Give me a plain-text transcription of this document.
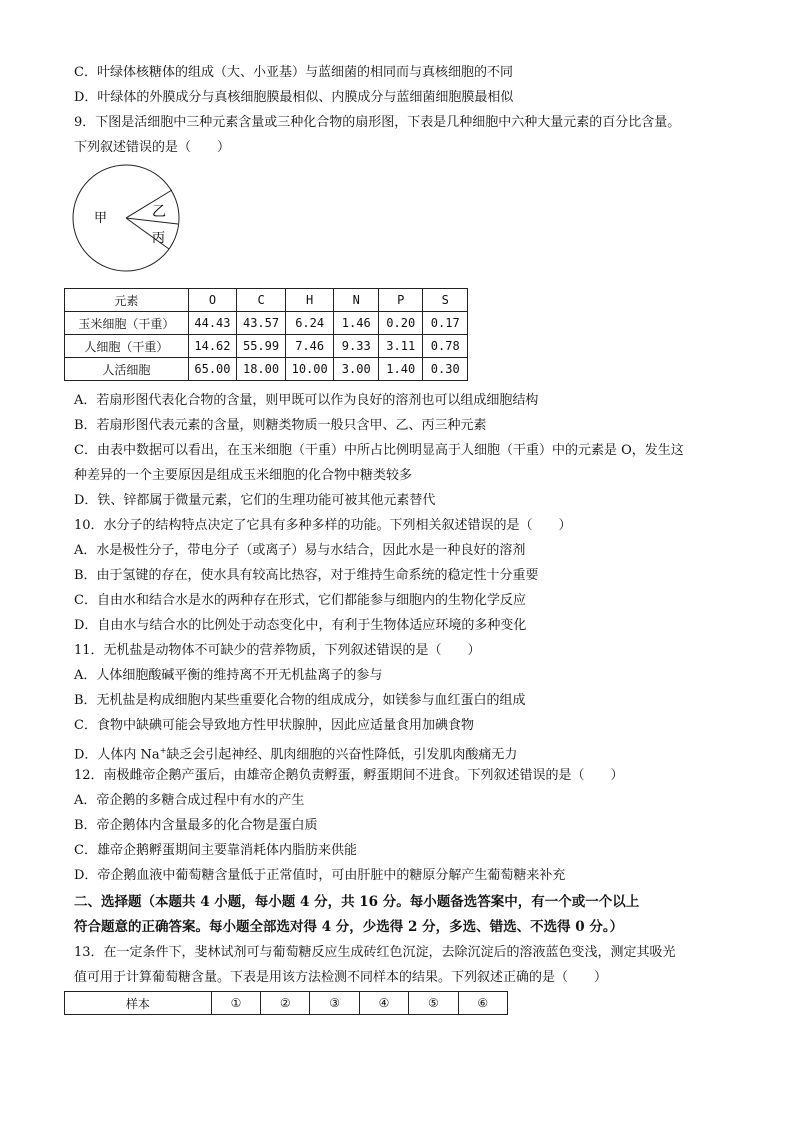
C．叶绿体核糖体的组成（大、小亚基）与蓝细菌的相同而与真核细胞的不同
D．叶绿体的外膜成分与真核细胞膜最相似、内膜成分与蓝细菌细胞膜最相似
9．下图是活细胞中三种元素含量或三种化合物的扇形图，下表是几种细胞中六种大量元素的百分比含量。
下列叙述错误的是（　　）
甲	乙
丙
元素	O	C	H	N	P	S
玉米细胞（干重）	44.43	43.57	6.24	1.46	0.20	0.17
人细胞（干重）	14.62	55.99	7.46	9.33	3.11	0.78
人活细胞	65.00	18.00	10.00	3.00	1.40	0.30
A．若扇形图代表化合物的含量，则甲既可以作为良好的溶剂也可以组成细胞结构
B．若扇形图代表元素的含量，则糖类物质一般只含甲、乙、丙三种元素
C．由表中数据可以看出，在玉米细胞（干重）中所占比例明显高于人细胞（干重）中的元素是 O，发生这
种差异的一个主要原因是组成玉米细胞的化合物中糖类较多
D．铁、锌都属于微量元素，它们的生理功能可被其他元素替代
10．水分子的结构特点决定了它具有多种多样的功能。下列相关叙述错误的是（　　）
A．水是极性分子，带电分子（或离子）易与水结合，因此水是一种良好的溶剂
B．由于氢键的存在，使水具有较高比热容，对于维持生命系统的稳定性十分重要
C．自由水和结合水是水的两种存在形式，它们都能参与细胞内的生物化学反应
D．自由水与结合水的比例处于动态变化中，有利于生物体适应环境的多种变化
11．无机盐是动物体不可缺少的营养物质，下列叙述错误的是（　　）
A．人体细胞酸碱平衡的维持离不开无机盐离子的参与
B．无机盐是构成细胞内某些重要化合物的组成成分，如镁参与血红蛋白的组成
C．食物中缺碘可能会导致地方性甲状腺肿，因此应适量食用加碘食物
D．人体内 Na+缺乏会引起神经、肌肉细胞的兴奋性降低，引发肌肉酸痛无力
12．南极雌帝企鹅产蛋后，由雄帝企鹅负责孵蛋，孵蛋期间不进食。下列叙述错误的是（　　）
A．帝企鹅的多糖合成过程中有水的产生
B．帝企鹅体内含量最多的化合物是蛋白质
C．雄帝企鹅孵蛋期间主要靠消耗体内脂肪来供能
D．帝企鹅血液中葡萄糖含量低于正常值时，可由肝脏中的糖原分解产生葡萄糖来补充
二、选择题（本题共 4 小题，每小题 4 分，共 16 分。每小题备选答案中，有一个或一个以上
符合题意的正确答案。每小题全部选对得 4 分，少选得 2 分，多选、错选、不选得 0 分。）
13．在一定条件下，斐林试剂可与葡萄糖反应生成砖红色沉淀，去除沉淀后的溶液蓝色变浅，测定其吸光
值可用于计算葡萄糖含量。下表是用该方法检测不同样本的结果。下列叙述正确的是（　　）
样本	①	②	③	④	⑤	⑥
